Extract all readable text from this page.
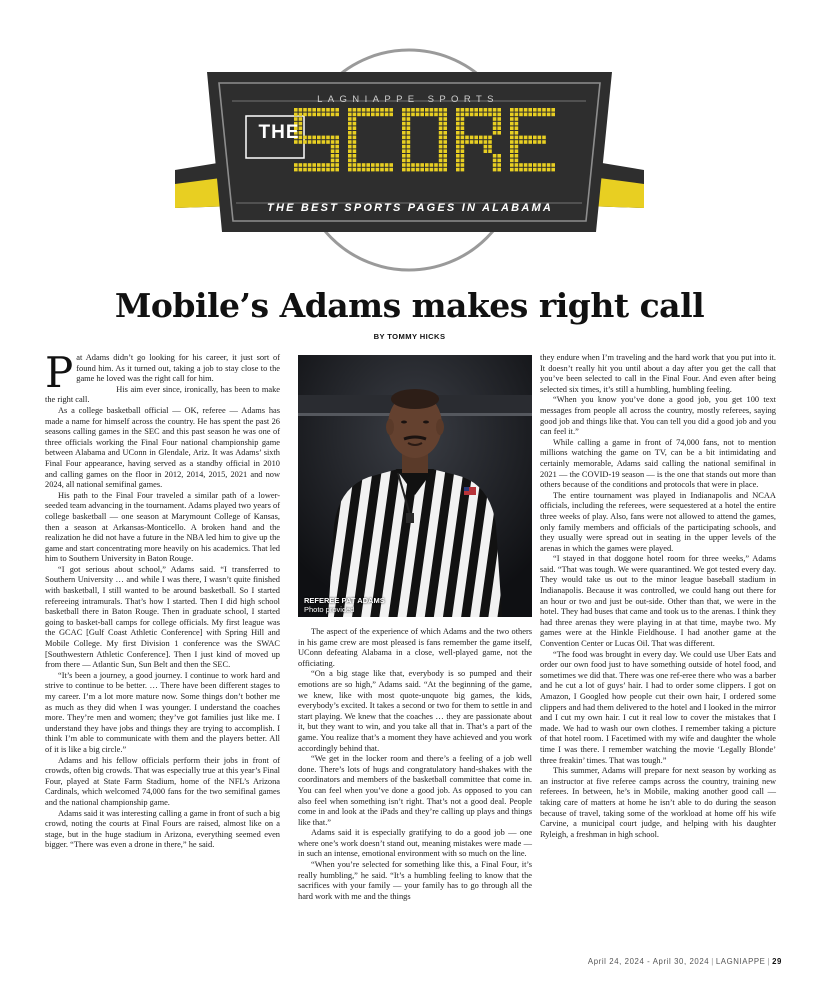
LAGNIAPPE SPORTS
THE
THE BEST SPORTS PAGES IN ALABAMA
Mobile’s Adams makes right call
BY TOMMY HICKS

Pat Adams didn’t go looking for his career, it just sort of found him. As it turned out, taking a job to stay close to the game he loved was the right call for him.

His aim ever since, ironically, has been to make the right call.

As a college basketball official — OK, referee — Adams has made a name for himself across the country. He has spent the past 26 seasons calling games in the SEC and this past season he was one of three officials working the Final Four national championship game between Alabama and UConn in Glendale, Ariz. It was Adams’ sixth Final Four appearance, having served as a standby official in 2010 and calling games on the floor in 2012, 2014, 2015, 2021 and now 2024, all national semifinal games.

His path to the Final Four traveled a similar path of a lower-seeded team advancing in the tournament. Adams played two years of college basketball — one season at Marymount College of Kansas, then a season at Arkansas-Monticello. A broken hand and the realization he did not have a future in the NBA led him to give up the game and start concentrating more heavily on his academics. That led him to Southern University in Baton Rouge.

“I got serious about school,” Adams said. “I transferred to Southern University … and while I was there, I wasn’t quite finished with basketball, I still wanted to be around basketball. So I started refereeing intramurals. That’s how I started. Then I did high school basketball there in Baton Rouge. Then in graduate school, I started going to basket-ball camps for college officials. My first league was the GCAC [Gulf Coast Athletic Conference] with Spring Hill and Mobile College. My first Division 1 conference was the SWAC [Southwestern Athletic Conference]. Then I just kind of moved up from there — Atlantic Sun, Sun Belt and then the SEC.

“It’s been a journey, a good journey. I continue to work hard and strive to continue to be better. … There have been different stages to my career. I’m a lot more mature now. Some things don’t bother me as much as they did when I was younger. I understand the coaches more. They’re men and women; they’ve got families just like me. I understand they have jobs and things they are trying to accomplish. I think I’m able to communicate with them and the players better. All of it is like a big circle.”

Adams and his fellow officials perform their jobs in front of crowds, often big crowds. That was especially true at this year’s Final Four, played at State Farm Stadium, home of the NFL’s Arizona Cardinals, which welcomed 74,000 fans for the two semifinal games and the national championship game.

Adams said it was interesting calling a game in front of such a big crowd, noting the courts at Final Fours are raised, almost like on a stage, but in the huge stadium in Arizona, everything seemed even bigger. “There was even a drone in there,” he said.

REFEREE PAT ADAMS
Photo provided

The aspect of the experience of which Adams and the two others in his game crew are most pleased is fans remember the game itself, UConn defeating Alabama in a close, well-played game, not the officiating.

“On a big stage like that, everybody is so pumped and their emotions are so high,” Adams said. “At the beginning of the game, we knew, like with most quote-unquote big games, the kids, everybody’s excited. It takes a second or two for them to settle in and start playing. We knew that the coaches … they are passionate about it, but they want to win, and you take all that in. That’s a part of the game. You realize that’s a moment they have achieved and you work accordingly behind that.

“We get in the locker room and there’s a feeling of a job well done. There’s lots of hugs and congratulatory hand-shakes with the coordinators and members of the basketball committee that come in. You can feel when you’ve done a good job. As opposed to you can also feel when something isn’t right. That’s not a good deal. People come in and look at the iPads and they’re calling up plays and things like that.”

Adams said it is especially gratifying to do a good job — one where one’s work doesn’t stand out, meaning mistakes were made — in such an intense, emotional environment with so much on the line.

“When you’re selected for something like this, a Final Four, it’s really humbling,” he said. “It’s a humbling feeling to know that the sacrifices with your family — your family has to go through all the hard work with me and the things

they endure when I’m traveling and the hard work that you put into it. It doesn’t really hit you until about a day after you get the call that you’ve been selected to call in the Final Four. And even after being selected six times, it’s still a humbling, humbling feeling.

“When you know you’ve done a good job, you get 100 text messages from people all across the country, mostly referees, saying good job and things like that. You can tell you did a good job and you can feel it.”

While calling a game in front of 74,000 fans, not to mention millions watching the game on TV, can be a bit intimidating and certainly memorable, Adams said calling the national semifinal in 2021 — the COVID-19 season — is the one that stands out more than others because of the conditions and protocols that were in place.

The entire tournament was played in Indianapolis and NCAA officials, including the referees, were sequestered at a hotel the entire three weeks of play. Also, fans were not allowed to attend the games, only family members and officials of the participating schools, and they usually were spread out in seating in the upper levels of the arenas in which the games were played.

“I stayed in that doggone hotel room for three weeks,” Adams said. “That was tough. We were quarantined. We got tested every day. They would take us out to the minor league baseball stadium in Indianapolis. Because it was controlled, we could hang out there for an hour or two and just be out-side. Other than that, we were in the hotel. They had buses that came and took us to the arenas. I think they had three arenas they were playing in at that time, maybe two. My games were at the Hinkle Fieldhouse. I had another game at the Convention Center or Lucas Oil. That was different.

“The food was brought in every day. We could use Uber Eats and order our own food just to have something outside of hotel food, and sometimes we did that. There was one ref-eree there who was a barber and he cut a lot of guys’ hair. I had to order some clippers. I got on Amazon, I Googled how people cut their own hair, I ordered some clippers and had them delivered to the hotel and I looked in the mirror and I cut my own hair. I cut it real low to cover the mistakes that I made. We had to wash our own clothes. I remember taking a picture of that hotel room. I Facetimed with my wife and daughter the whole time I was there. I remember watching the movie ‘Legally Blonde’ three freakin’ times. That was tough.”

This summer, Adams will prepare for next season by working as an instructor at five referee camps across the country, training new referees. In between, he’s in Mobile, making another good call — taking care of matters at home he isn’t able to do during the season because of travel, taking some of the workload at home off his wife Carvine, a municipal court judge, and helping with his daughter Ryleigh, a freshman in high school.

April 24, 2024 - April 30, 2024 | LAGNIAPPE | 29
